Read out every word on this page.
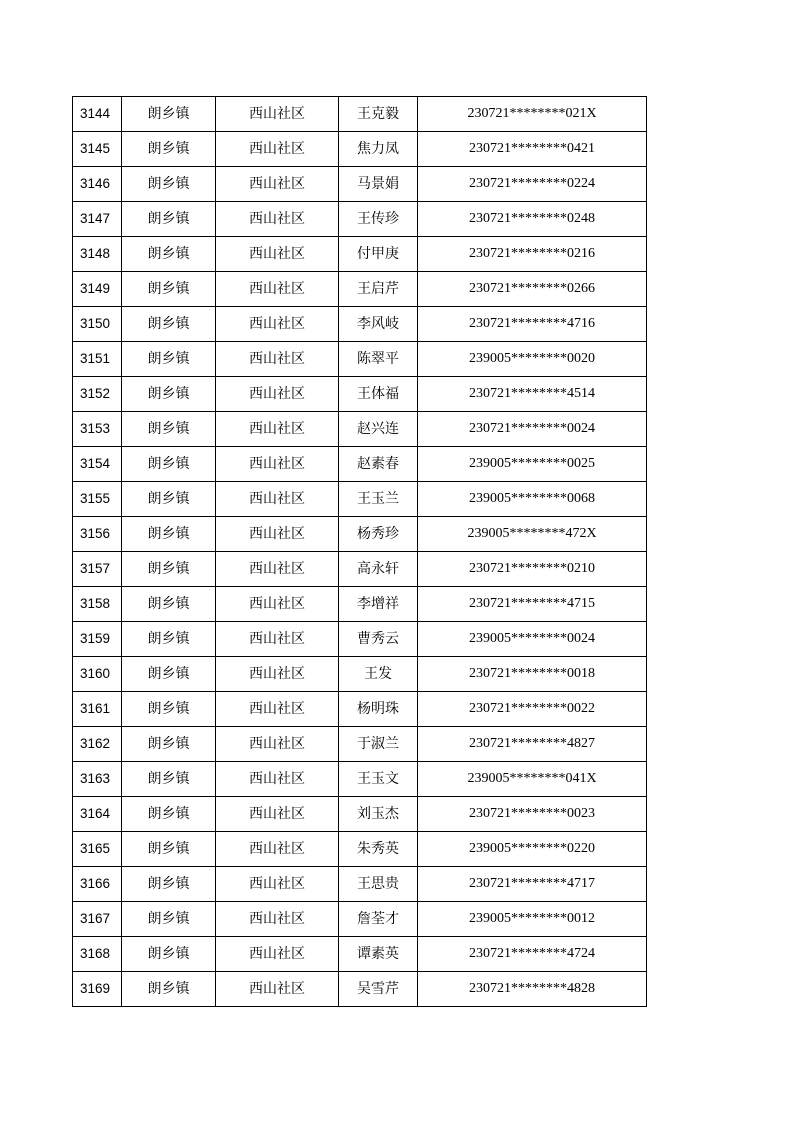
3144	朗乡镇	西山社区	王克毅	230721********021X
3145	朗乡镇	西山社区	焦力凤	230721********0421
3146	朗乡镇	西山社区	马景娟	230721********0224
3147	朗乡镇	西山社区	王传珍	230721********0248
3148	朗乡镇	西山社区	付甲庚	230721********0216
3149	朗乡镇	西山社区	王启芹	230721********0266
3150	朗乡镇	西山社区	李风岐	230721********4716
3151	朗乡镇	西山社区	陈翠平	239005********0020
3152	朗乡镇	西山社区	王体福	230721********4514
3153	朗乡镇	西山社区	赵兴连	230721********0024
3154	朗乡镇	西山社区	赵素春	239005********0025
3155	朗乡镇	西山社区	王玉兰	239005********0068
3156	朗乡镇	西山社区	杨秀珍	239005********472X
3157	朗乡镇	西山社区	高永轩	230721********0210
3158	朗乡镇	西山社区	李增祥	230721********4715
3159	朗乡镇	西山社区	曹秀云	239005********0024
3160	朗乡镇	西山社区	王发	230721********0018
3161	朗乡镇	西山社区	杨明珠	230721********0022
3162	朗乡镇	西山社区	于淑兰	230721********4827
3163	朗乡镇	西山社区	王玉文	239005********041X
3164	朗乡镇	西山社区	刘玉杰	230721********0023
3165	朗乡镇	西山社区	朱秀英	239005********0220
3166	朗乡镇	西山社区	王思贵	230721********4717
3167	朗乡镇	西山社区	詹荃才	239005********0012
3168	朗乡镇	西山社区	谭素英	230721********4724
3169	朗乡镇	西山社区	吴雪芹	230721********4828
